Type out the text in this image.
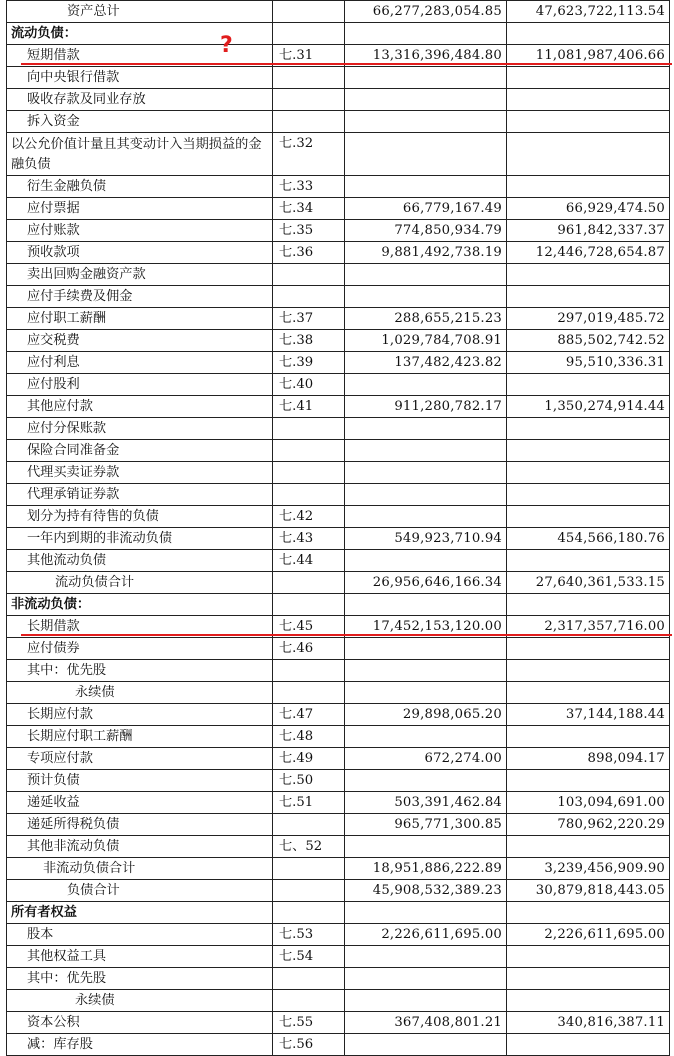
资产总计		66,277,283,054.85	47,623,722,113.54
流动负债：			
短期借款	七.31	13,316,396,484.80	11,081,987,406.66
向中央银行借款			
吸收存款及同业存放			
拆入资金			
以公允价值计量且其变动计入当期损益的金融负债	七.32		
衍生金融负债	七.33		
应付票据	七.34	66,779,167.49	66,929,474.50
应付账款	七.35	774,850,934.79	961,842,337.37
预收款项	七.36	9,881,492,738.19	12,446,728,654.87
卖出回购金融资产款			
应付手续费及佣金			
应付职工薪酬	七.37	288,655,215.23	297,019,485.72
应交税费	七.38	1,029,784,708.91	885,502,742.52
应付利息	七.39	137,482,423.82	95,510,336.31
应付股利	七.40		
其他应付款	七.41	911,280,782.17	1,350,274,914.44
应付分保账款			
保险合同准备金			
代理买卖证券款			
代理承销证券款			
划分为持有待售的负债	七.42		
一年内到期的非流动负债	七.43	549,923,710.94	454,566,180.76
其他流动负债	七.44		
流动负债合计		26,956,646,166.34	27,640,361,533.15
非流动负债：			
长期借款	七.45	17,452,153,120.00	2,317,357,716.00
应付债券	七.46		
其中：优先股			
永续债			
长期应付款	七.47	29,898,065.20	37,144,188.44
长期应付职工薪酬	七.48		
专项应付款	七.49	672,274.00	898,094.17
预计负债	七.50		
递延收益	七.51	503,391,462.84	103,094,691.00
递延所得税负债		965,771,300.85	780,962,220.29
其他非流动负债	七、52		
非流动负债合计		18,951,886,222.89	3,239,456,909.90
负债合计		45,908,532,389.23	30,879,818,443.05
所有者权益			
股本	七.53	2,226,611,695.00	2,226,611,695.00
其他权益工具	七.54		
其中：优先股			
永续债			
资本公积	七.55	367,408,801.21	340,816,387.11
减：库存股	七.56		
?
